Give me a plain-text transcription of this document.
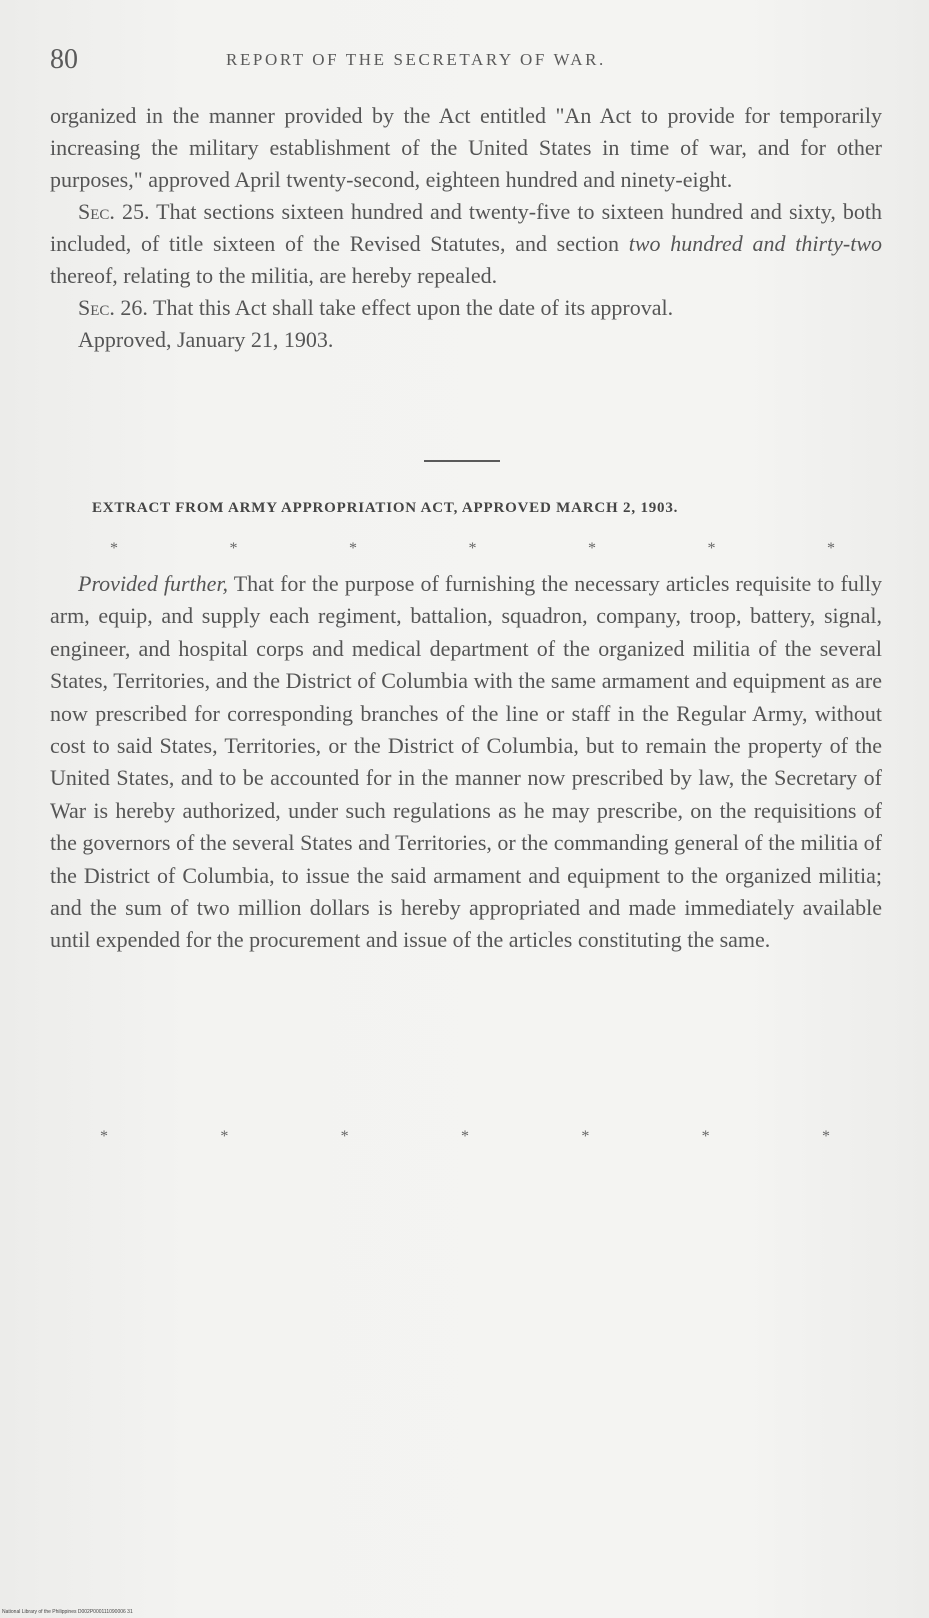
80	REPORT OF THE SECRETARY OF WAR.

organized in the manner provided by the Act entitled "An Act to provide for temporarily increasing the military establishment of the United States in time of war, and for other purposes," approved April twenty-second, eighteen hundred and ninety-eight.

Sec. 25. That sections sixteen hundred and twenty-five to sixteen hundred and sixty, both included, of title sixteen of the Revised Statutes, and section two hundred and thirty-two thereof, relating to the militia, are hereby repealed.

Sec. 26. That this Act shall take effect upon the date of its approval.

Approved, January 21, 1903.

EXTRACT FROM ARMY APPROPRIATION ACT, APPROVED MARCH 2, 1903.
*	*	*	*	*	*	*

Provided further, That for the purpose of furnishing the necessary articles requisite to fully arm, equip, and supply each regiment, battalion, squadron, company, troop, battery, signal, engineer, and hospital corps and medical department of the organized militia of the several States, Territories, and the District of Columbia with the same armament and equipment as are now prescribed for corresponding branches of the line or staff in the Regular Army, without cost to said States, Territories, or the District of Columbia, but to remain the property of the United States, and to be accounted for in the manner now prescribed by law, the Secretary of War is hereby authorized, under such regulations as he may prescribe, on the requisitions of the governors of the several States and Territories, or the commanding general of the militia of the District of Columbia, to issue the said armament and equipment to the organized militia; and the sum of two million dollars is hereby appropriated and made immediately available until expended for the procurement and issue of the articles constituting the same.

*	*	*	*	*	*	*
National Library of the Philippines D002P000111090006 31
